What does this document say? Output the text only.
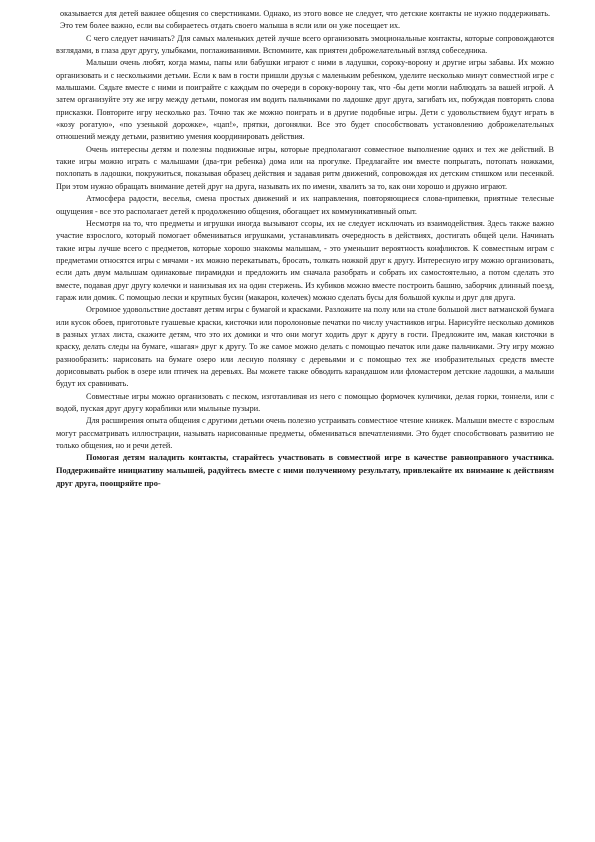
оказывается для детей важнее общения со сверстниками. Однако, из этого вовсе не следует, что детские контакты не нужно поддерживать. Это тем более важно, если вы собираетесь отдать своего малыша в ясли или он уже посещает их.

С чего следует начинать? Для самых маленьких детей лучше всего организовать эмоциональные контакты, которые сопровождаются взглядами, в глаза друг другу, улыбками, поглаживаниями. Вспомните, как приятен доброжелательный взгляд собеседника.

Малыши очень любят, когда мамы, папы или бабушки играют с ними в ладушки, сороку-ворону и другие игры забавы. Их можно организовать и с несколькими детьми. Если к вам в гости пришли друзья с маленьким ребенком, уделите несколько минут совместной игре с малышами. Сядьте вместе с ними и поиграйте с каждым по очереди в сороку-ворону так, что -бы дети могли наблюдать за вашей игрой. А затем организуйте эту же игру между детьми, помогая им водить пальчиками по ладошке друг друга, загибать их, побуждая повторять слова присказки. Повторите игру несколько раз. Точно так же можно поиграть и в другие подобные игры. Дети с удовольствием будут играть в «козу рогатую», «по узенькой дорожке», «цап!», прятки, догонялки. Все это будет способствовать установлению доброжелательных отношений между детьми, развитию умения координировать действия.

Очень интересны детям и полезны подвижные игры, которые предполагают совместное выполнение одних и тех же действий. В такие игры можно играть с малышами (два-три ребенка) дома или на прогулке. Предлагайте им вместе попрыгать, потопать ножками, похлопать в ладошки, покружиться, показывая образец действия и задавая ритм движений, сопровождая их детским стишком или песенкой. При этом нужно обращать внимание детей друг на друга, называть их по имени, хвалить за то, как они хорошо и дружно играют.

Атмосфера радости, веселья, смена простых движений и их направления, повторяющиеся слова-припевки, приятные телесные ощущения - все это располагает детей к продолжению общения, обогащает их коммуникативный опыт.

Несмотря на то, что предметы и игрушки иногда вызывают ссоры, их не следует исключать из взаимодействия. Здесь также важно участие взрослого, который помогает обмениваться игрушками, устанавливать очередность в действиях, достигать общей цели. Начинать такие игры лучше всего с предметов, которые хорошо знакомы малышам, - это уменьшит вероятность конфликтов. К совместным играм с предметами относятся игры с мячами - их можно перекатывать, бросать, толкать ножкой друг к другу. Интересную игру можно организовать, если дать двум малышам одинаковые пирамидки и предложить им сначала разобрать и собрать их самостоятельно, а потом сделать это вместе, подавая друг другу колечки и нанизывая их на один стержень. Из кубиков можно вместе построить башню, заборчик длинный поезд, гараж или домик. С помощью лески и крупных бусин (макарон, колечек) можно сделать бусы для большой куклы и друг для друга.

Огромное удовольствие доставят детям игры с бумагой и красками. Разложите на полу или на столе большой лист ватманской бумага или кусок обоев, приготовьте гуашевые краски, кисточки или поролоновые печатки по числу участников игры. Нарисуйте несколько домиков в разных углах листа, скажите детям, что это их домики и что они могут ходить друг к другу в гости. Предложите им, макая кисточки в краску, делать следы на бумаге, «шагая» друг к другу. То же самое можно делать с помощью печаток или даже пальчиками. Эту игру можно разнообразить: нарисовать на бумаге озеро или лесную полянку с деревьями и с помощью тех же изобразительных средств вместе дорисовывать рыбок в озере или птичек на деревьях. Вы можете также обводить карандашом или фломастером детские ладошки, а малыши будут их сравнивать.

Совместные игры можно организовать с песком, изготавливая из него с помощью формочек куличики, делая горки, тоннели, или с водой, пуская друг другу кораблики или мыльные пузыри.

Для расширения опыта общения с другими детьми очень полезно устраивать совместное чтение книжек. Малыши вместе с взрослым могут рассматривать иллюстрации, называть нарисованные предметы, обмениваться впечатлениями. Это будет способствовать развитию не только общения, но и речи детей.

Помогая детям наладить контакты, старайтесь участвовать в совместной игре в качестве равноправного участника. Поддерживайте инициативу малышей, радуйтесь вместе с ними полученному результату, привлекайте их внимание к действиям друг друга, поощряйте про-
